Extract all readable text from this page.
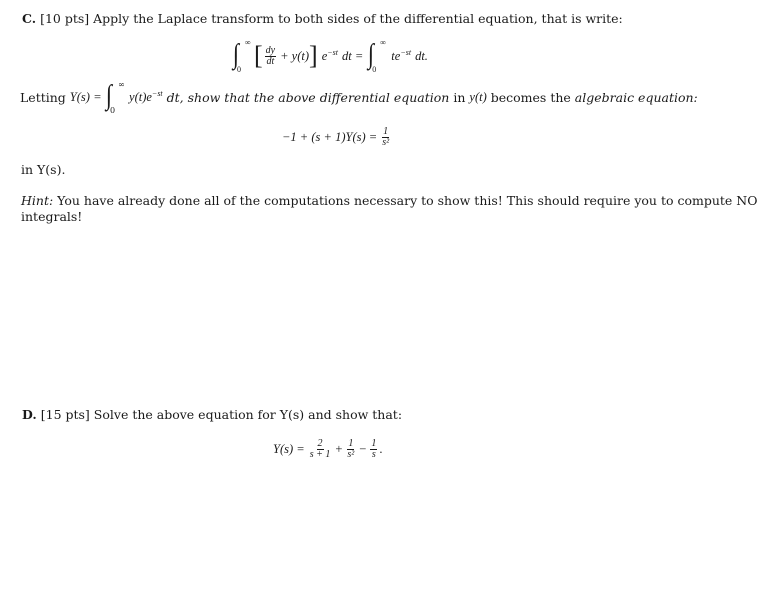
C. [10 pts] Apply the Laplace transform to both sides of the differential equation, that is write:
∫ ∞
0 [ $\frac{dy}{dt} + y(t)$ ] $e^{-st}$ dt = ∫ ∞
0
$te^{-st}$ dt.
Letting Y(s) = ∫ ∞
0
$y(t)e^{-st}$ dt, show that the above differential equation in y(t) becomes the algebraic equation:
$-1 + (s + 1)Y(s) = \frac{1}{\text{s²}}$
in Y(s).
Hint: You have already done all of the computations necessary to show this! This should require you to compute NO
integrals!
D. [15 pts] Solve the above equation for Y(s) and show that:
$Y(s) = \frac{2}{s + 1} + \frac{1}{\text{s²}} - \frac{1}{s}$ .
